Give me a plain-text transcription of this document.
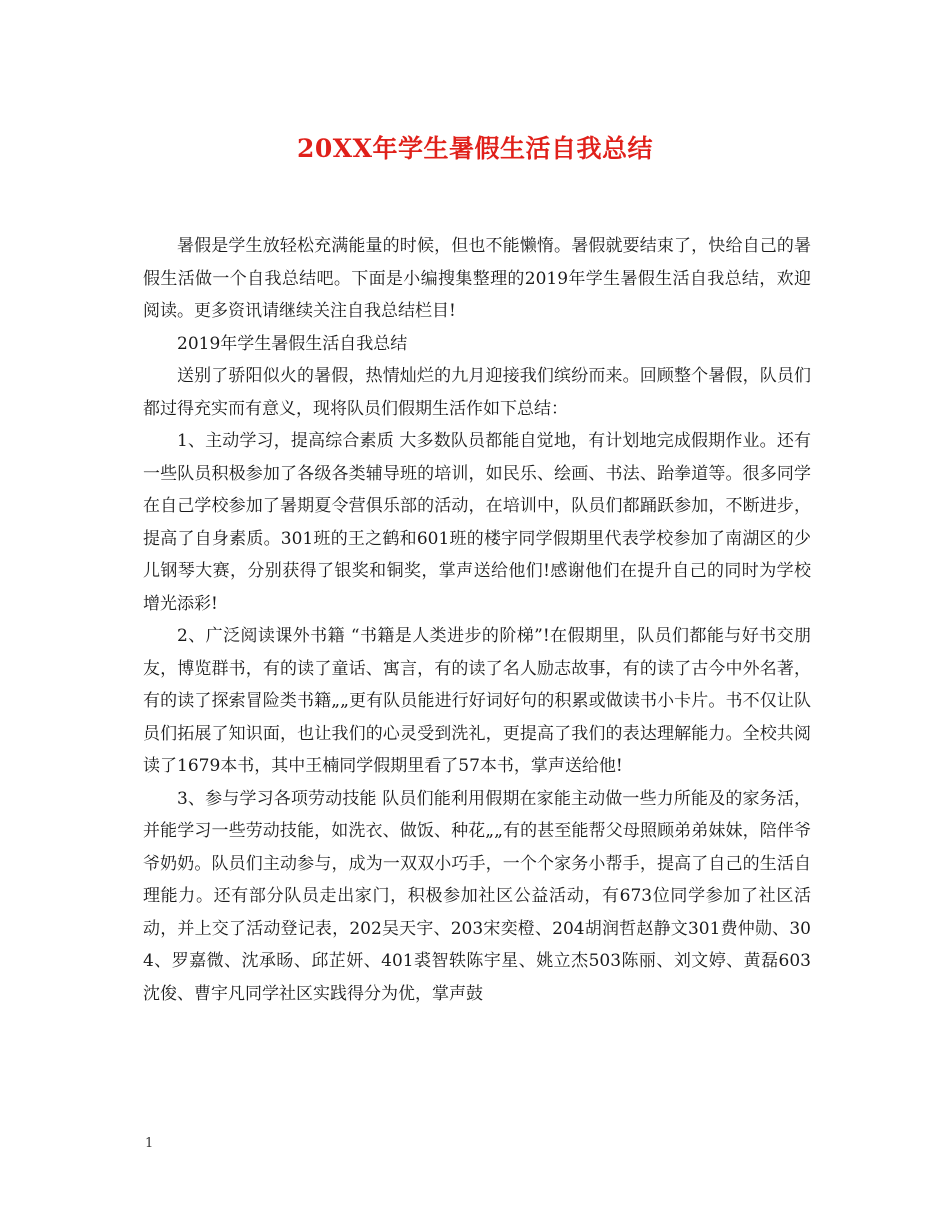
20XX年学生暑假生活自我总结

暑假是学生放轻松充满能量的时候，但也不能懒惰。暑假就要结束了，快给自己的暑假生活做一个自我总结吧。下面是小编搜集整理的2019年学生暑假生活自我总结，欢迎阅读。更多资讯请继续关注自我总结栏目!

2019年学生暑假生活自我总结

送别了骄阳似火的暑假，热情灿烂的九月迎接我们缤纷而来。回顾整个暑假，队员们都过得充实而有意义，现将队员们假期生活作如下总结：

1、主动学习，提高综合素质 大多数队员都能自觉地，有计划地完成假期作业。还有一些队员积极参加了各级各类辅导班的培训，如民乐、绘画、书法、跆拳道等。很多同学在自己学校参加了暑期夏令营俱乐部的活动，在培训中，队员们都踊跃参加，不断进步，提高了自身素质。301班的王之鹤和601班的楼宇同学假期里代表学校参加了南湖区的少儿钢琴大赛，分别获得了银奖和铜奖，掌声送给他们!感谢他们在提升自己的同时为学校增光添彩!

2、广泛阅读课外书籍 “书籍是人类进步的阶梯”!在假期里，队员们都能与好书交朋友，博览群书，有的读了童话、寓言，有的读了名人励志故事，有的读了古今中外名著，有的读了探索冒险类书籍„„更有队员能进行好词好句的积累或做读书小卡片。书不仅让队员们拓展了知识面，也让我们的心灵受到洗礼，更提高了我们的表达理解能力。全校共阅读了1679本书，其中王楠同学假期里看了57本书，掌声送给他!

3、参与学习各项劳动技能 队员们能利用假期在家能主动做一些力所能及的家务活，并能学习一些劳动技能，如洗衣、做饭、种花„„有的甚至能帮父母照顾弟弟妹妹，陪伴爷爷奶奶。队员们主动参与，成为一双双小巧手，一个个家务小帮手，提高了自己的生活自理能力。还有部分队员走出家门，积极参加社区公益活动，有673位同学参加了社区活动，并上交了活动登记表，202吴天宇、203宋奕橙、204胡润哲赵静文301费仲勋、304、罗嘉微、沈承旸、邱芷妍、401裘智轶陈宇星、姚立杰503陈丽、刘文婷、黄磊603沈俊、曹宇凡同学社区实践得分为优，掌声鼓

1
